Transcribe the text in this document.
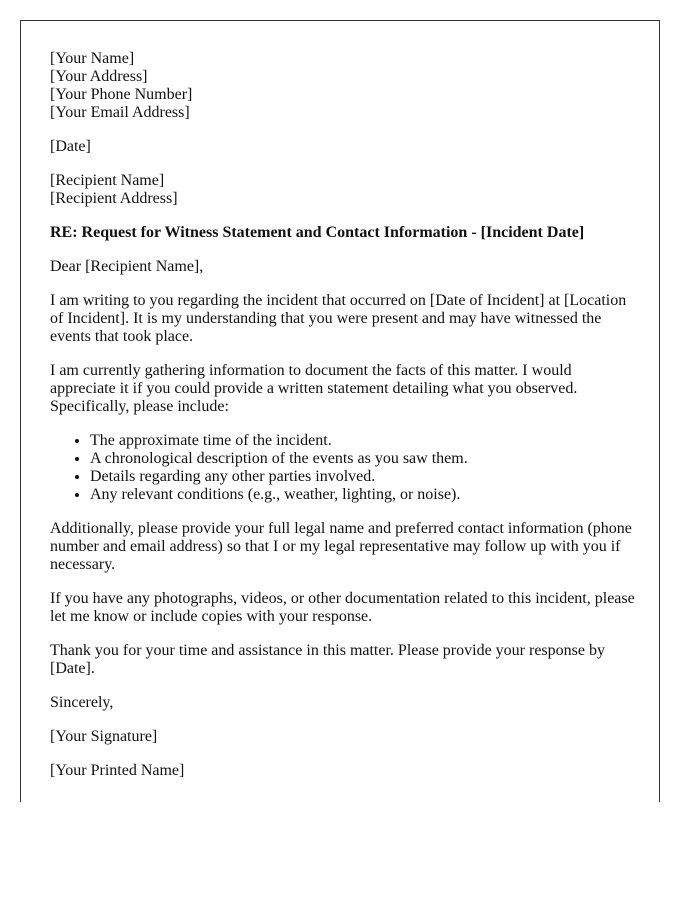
[Your Name]
[Your Address]
[Your Phone Number]
[Your Email Address]
[Date]
[Recipient Name]
[Recipient Address]
RE: Request for Witness Statement and Contact Information - [Incident Date]

Dear [Recipient Name],

I am writing to you regarding the incident that occurred on [Date of Incident] at [Location of Incident]. It is my understanding that you were present and may have witnessed the events that took place.

I am currently gathering information to document the facts of this matter. I would appreciate it if you could provide a written statement detailing what you observed. Specifically, please include:

• The approximate time of the incident.
• A chronological description of the events as you saw them.
• Details regarding any other parties involved.
• Any relevant conditions (e.g., weather, lighting, or noise).

Additionally, please provide your full legal name and preferred contact information (phone number and email address) so that I or my legal representative may follow up with you if necessary.

If you have any photographs, videos, or other documentation related to this incident, please let me know or include copies with your response.

Thank you for your time and assistance in this matter. Please provide your response by [Date].

Sincerely,

[Your Signature]

[Your Printed Name]
